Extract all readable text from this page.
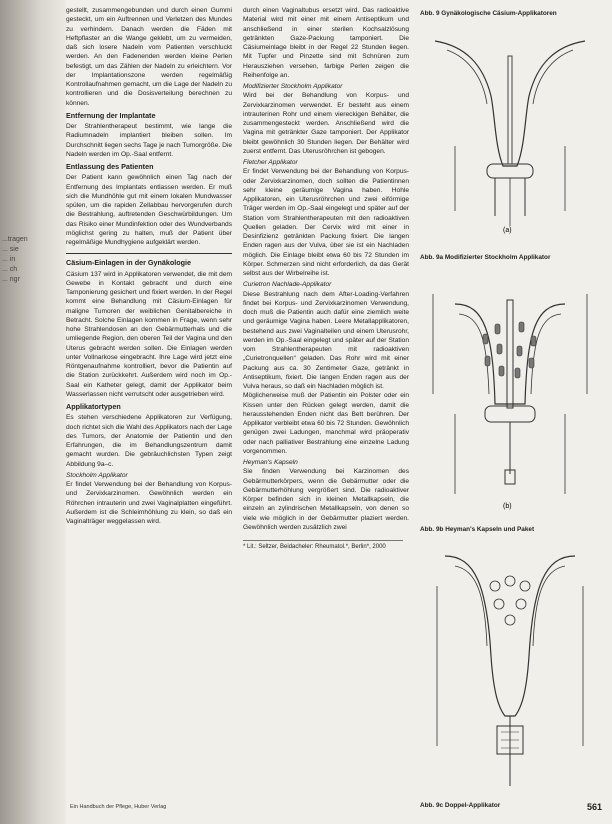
...tragen
... sie
... in
... ch
... ngr

gestellt, zusammengebunden und durch einen Gummi gesteckt, um ein Auftrennen und Verletzen des Mundes zu verhindern. Danach werden die Fäden mit Heftpflaster an die Wange geklebt, um zu vermeiden, daß sich losere Nadeln vom Patienten verschluckt werden. An den Fadenenden werden kleine Perlen befestigt, um das Zählen der Nadeln zu erleichtern. Vor der Implantationszone werden regelmäßig Kontrollaufnahmen gemacht, um die Lage der Nadeln zu kontrollieren und die Dosisverteilung berechnen zu können.

Entfernung der Implantate

Der Strahlentherapeut bestimmt, wie lange die Radiumnadeln implantiert bleiben sollen. Im Durchschnitt liegen sechs Tage je nach Tumorgröße. Die Nadeln werden im Op.-Saal entfernt.

Entlassung des Patienten

Der Patient kann gewöhnlich einen Tag nach der Entfernung des Implantats entlassen werden. Er muß sich die Mundhöhle gut mit einem lokalen Mundwasser spülen, um die rapiden Zellabbau hervorgerufen durch die Bestrahlung, auftretenden Geschwürbildungen. Um das Risiko einer Mundinfektion oder des Wundverbands möglichst gering zu halten, muß der Patient über regelmäßige Mundhygiene aufgeklärt werden.

Cäsium-Einlagen in der Gynäkologie

Cäsium 137 wird in Applikatoren verwendet, die mit dem Gewebe in Kontakt gebracht und durch eine Tamponierung gesichert und fixiert werden. In der Regel kommt eine Behandlung mit Cäsium-Einlagen für maligne Tumoren der weiblichen Genitalbereiche in Betracht. Solche Einlagen kommen in Frage, wenn sehr hohe Strahlendosen an den Gebärmutterhals und die umliegende Region, den oberen Teil der Vagina und den Uterus gebracht werden sollen. Die Einlagen werden unter Vollnarkose eingebracht. Ihre Lage wird jetzt eine Röntgenaufnahme kontrolliert, bevor die Patientin auf die Station zurückkehrt. Außerdem wird noch im Op.-Saal ein Katheter gelegt, damit der Applikator beim Wasserlassen nicht verrutscht oder ausgetrieben wird.

Applikatortypen

Es stehen verschiedene Applikatoren zur Verfügung, doch richtet sich die Wahl des Applikators nach der Lage des Tumors, der Anatomie der Patientin und den Erfahrungen, die im Behandlungszentrum damit gemacht wurden. Die gebräuchlichsten Typen zeigt Abbildung 9a–c.

Stockholm Applikator

Er findet Verwendung bei der Behandlung von Korpus- und Zervixkarzinomen. Gewöhnlich werden ein Röhrchen intrauterin und zwei Vaginalplatten eingeführt. Außerdem ist die Schleimhöhlung zu klein, so daß ein Vaginalträger weggelassen wird.

durch einen Vaginaltubus ersetzt wird. Das radioaktive Material wird mit einer mit einem Antiseptikum und anschließend in einer sterilen Kochsalzlösung getränkten Gaze-Packung tamponiert. Die Cäsiumeinlage bleibt in der Regel 22 Stunden liegen. Mit Tupfer und Pinzette sind mit Schnüren zum Herausziehen versehen, farbige Perlen zeigen die Reihenfolge an.

Modifizierter Stockholm Applikator

Wird bei der Behandlung von Korpus- und Zervixkarzinomen verwendet. Er besteht aus einem intrauterinen Rohr und einem viereckigen Behälter, die zusammengesteckt werden. Anschließend wird die Vagina mit getränkter Gaze tamponiert. Der Applikator bleibt gewöhnlich 30 Stunden liegen. Der Behälter wird zuerst entfernt. Das Uterusröhrchen ist gebogen.

Fletcher Applikator

Er findet Verwendung bei der Behandlung von Korpus- oder Zervixkarzinomen, doch sollten die Patientinnen sehr kleine geräumige Vagina haben. Hohle Applikatoren, ein Uterusröhrchen und zwei eiförmige Träger werden im Op.-Saal eingelegt und später auf der Station vom Strahlentherapeuten mit den radioaktiven Quellen geladen. Der Cervix wird mit einer in Desinfizienz getränkten Packung fixiert. Die langen Enden ragen aus der Vulva, über sie ist ein Nachladen möglich. Die Einlage bleibt etwa 60 bis 72 Stunden im Körper. Schmerzen sind nicht erforderlich, da das Gerät selbst aus der Wirbelreihe ist.

Curietron Nachlade-Applikator

Diese Bestrahlung nach dem After-Loading-Verfahren findet bei Korpus- und Zervixkarzinomen Verwendung, doch muß die Patientin auch dafür eine ziemlich weite und geräumige Vagina haben. Leere Metallapplikatoren, bestehend aus zwei Vaginalteilen und einem Uterusrohr, werden im Op.-Saal eingelegt und später auf der Station vom Strahlentherapeuten mit radioaktiven „Curietronquellen“ geladen. Das Rohr wird mit einer Packung aus ca. 30 Zentimeter Gaze, getränkt in Antiseptikum, fixiert. Die langen Enden ragen aus der Vulva heraus, so daß ein Nachladen möglich ist.

Möglicherweise muß der Patientin ein Polster oder ein Kissen unter den Rücken gelegt werden, damit die herausstehenden Enden nicht das Bett berühren. Der Applikator verbleibt etwa 60 bis 72 Stunden. Gewöhnlich genügen zwei Ladungen, manchmal wird präoperativ oder nach palliativer Bestrahlung eine einzelne Ladung vorgenommen.

Heyman's Kapseln

Sie finden Verwendung bei Karzinomen des Gebärmutterkörpers, wenn die Gebärmutter oder die Gebärmutterhöhlung vergrößert sind. Die radioaktiver Körper befinden sich in kleinen Metallkapseln, die einzeln an zylindrischen Metallkapseln, von denen so viele wie möglich in der Gebärmutter plaziert werden. Gewöhnlich werden zusätzlich zwei

* Lit.: Seltzer, Beidacheler: Rheumatol.*, Berlin*, 2000
Abb. 9 Gynäkologische Cäsium-Applikatoren
(a)
Abb. 9a Modifizierter Stockholm Applikator
(b)
Abb. 9b Heyman's Kapseln und Paket
Abb. 9c Doppel-Applikator
Ein Handbuch der Pflege, Huber Verlag	561
